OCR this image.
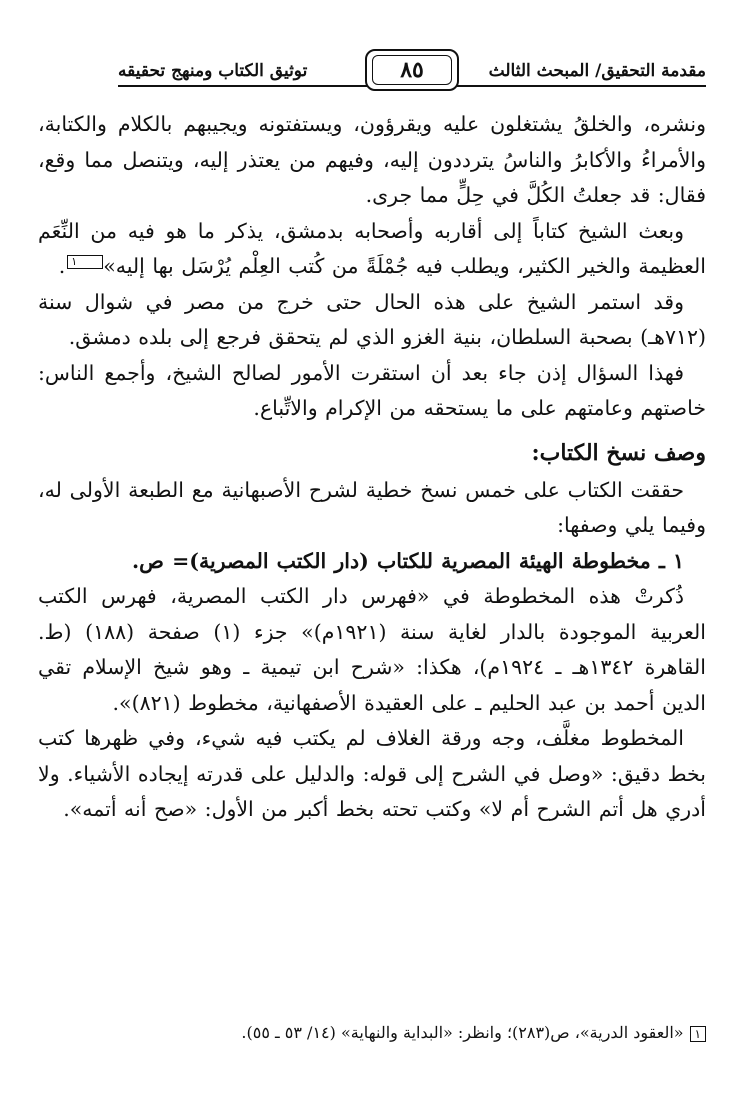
مقدمة التحقيق/ المبحث الثالث
توثيق الكتاب ومنهج تحقيقه	٨٥

ونشره، والخلقُ يشتغلون عليه ويقرؤون، ويستفتونه ويجيبهم بالكلام والكتابة، والأمراءُ والأكابرُ والناسُ يترددون إليه، وفيهم من يعتذر إليه، ويتنصل مما وقع، فقال: قد جعلتُ الكُلَّ في حِلٍّ مما جرى.

وبعث الشيخ كتاباً إلى أقاربه وأصحابه بدمشق، يذكر ما هو فيه من النِّعَم العظيمة والخير الكثير، ويطلب فيه جُمْلَةً من كُتب العِلْم يُرْسَل بها إليه»١.

وقد استمر الشيخ على هذه الحال حتى خرج من مصر في شوال سنة (٧١٢هـ) بصحبة السلطان، بنية الغزو الذي لم يتحقق فرجع إلى بلده دمشق.

فهذا السؤال إذن جاء بعد أن استقرت الأمور لصالح الشيخ، وأجمع الناس: خاصتهم وعامتهم على ما يستحقه من الإكرام والاتِّباع.

وصف نسخ الكتاب:

حققت الكتاب على خمس نسخ خطية لشرح الأصبهانية مع الطبعة الأولى له، وفيما يلي وصفها:

١ ـ مخطوطة الهيئة المصرية للكتاب (دار الكتب المصرية)= ص.

ذُكرتْ هذه المخطوطة في «فهرس دار الكتب المصرية، فهرس الكتب العربية الموجودة بالدار لغاية سنة (١٩٢١م)» جزء (١) صفحة (١٨٨) (ط. القاهرة ١٣٤٢هـ ـ ١٩٢٤م)، هكذا: «شرح ابن تيمية ـ وهو شيخ الإسلام تقي الدين أحمد بن عبد الحليم ـ على العقيدة الأصفهانية، مخطوط (٨٢١)».

المخطوط مغلَّف، وجه ورقة الغلاف لم يكتب فيه شيء، وفي ظهرها كتب بخط دقيق: «وصل في الشرح إلى قوله: والدليل على قدرته إيجاده الأشياء. ولا أدري هل أتم الشرح أم لا» وكتب تحته بخط أكبر من الأول: «صح أنه أتمه».

١«العقود الدرية»، ص(٢٨٣)؛ وانظر: «البداية والنهاية» (١٤/ ٥٣ ـ ٥٥).
